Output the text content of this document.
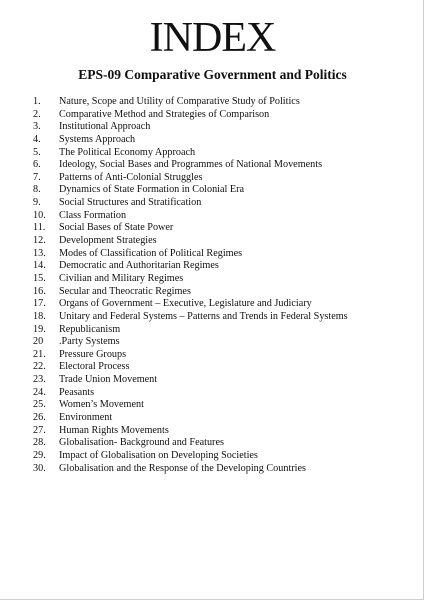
INDEX
EPS-09 Comparative Government and Politics
1.	Nature, Scope and Utility of Comparative Study of Politics
2.	Comparative Method and Strategies of Comparison
3.	Institutional Approach
4.	Systems Approach
5.	The Political Economy Approach
6.	Ideology, Social Bases and Programmes of National Movements
7.	Patterns of Anti-Colonial Struggles
8.	Dynamics of State Formation in Colonial Era
9.	Social Structures and Stratification
10.	Class Formation
11.	Social Bases of State Power
12.	Development Strategies
13.	Modes of Classification of Political Regimes
14.	Democratic and Authoritarian Regimes
15.	Civilian and Military Regimes
16.	Secular and Theocratic Regimes
17.	Organs of Government – Executive, Legislature and Judiciary
18.	Unitary and Federal Systems – Patterns and Trends in Federal Systems
19.	Republicanism
20	.Party Systems
21.	Pressure Groups
22.	Electoral Process
23.	Trade Union Movement
24.	Peasants
25.	Women’s Movement
26.	Environment
27.	Human Rights Movements
28.	Globalisation- Background and Features
29.	Impact of Globalisation on Developing Societies
30.	Globalisation and the Response of the Developing Countries
